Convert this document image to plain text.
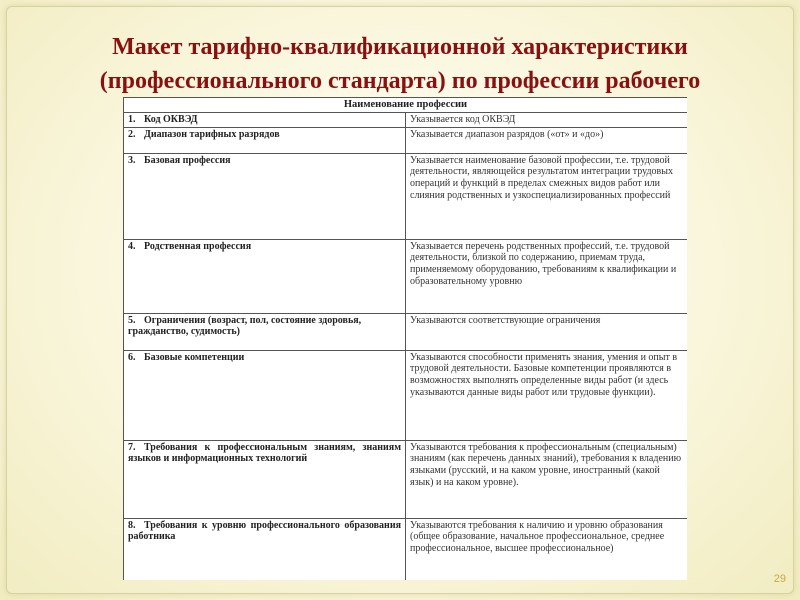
Макет тарифно-квалификационной характеристики
(профессионального стандарта) по профессии рабочего
Наименование профессии	
1. Код ОКВЭД	Указывается код ОКВЭД
2. Диапазон тарифных разрядов	Указывается диапазон разрядов («от» и «до»)
3. Базовая профессия	Указывается наименование базовой профессии, т.е. трудовой деятельности, являющейся результатом интеграции трудовых операций и функций в пределах смежных видов работ или слияния родственных и узкоспециализированных профессий
4. Родственная профессия	Указывается перечень родственных профессий, т.е. трудовой деятельности, близкой по содержанию, приемам труда, применяемому оборудованию, требованиям к квалификации и образовательному уровню
5. Ограничения (возраст, пол, состояние здоровья, гражданство, судимость)	Указываются соответствующие ограничения
6. Базовые компетенции	Указываются способности применять знания, умения и опыт в трудовой деятельности. Базовые компетенции проявляются в возможностях выполнять определенные виды работ (и здесь указываются данные виды работ или трудовые функции).
7. Требования к профессиональным знаниям, знаниям языков и информационных технологий	Указываются требования к профессиональным (специальным) знаниям (как перечень данных знаний), требования к владению языками (русский, и на каком уровне, иностранный (какой язык) и на каком уровне).
8. Требования к уровню профессионального образования работника	Указываются требования к наличию и уровню образования (общее образование, начальное профессиональное, среднее профессиональное, высшее профессиональное)
29
